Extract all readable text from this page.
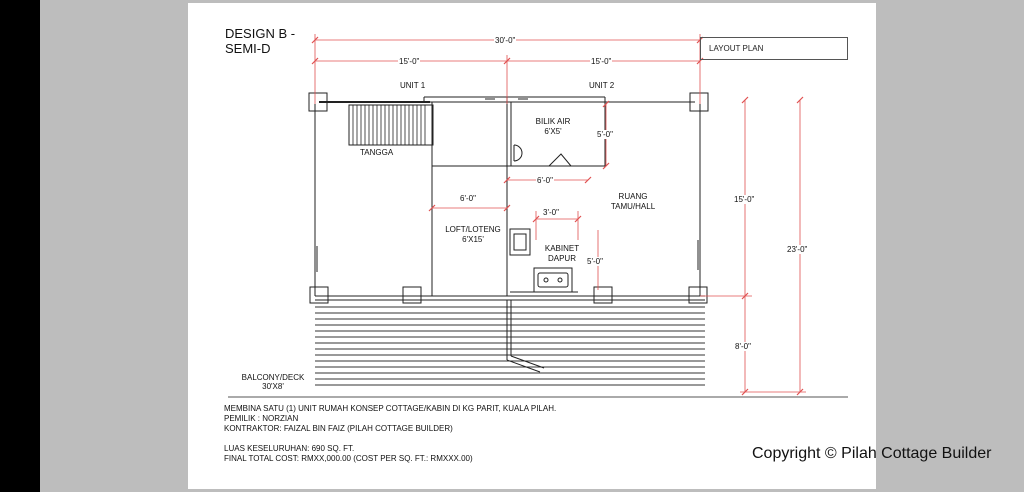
DESIGN B -
SEMI-D	LAYOUT PLAN
UNIT 1	UNIT 2
TANGGA
BILIK AIR
6'X5'
RUANG
TAMU/HALL
LOFT/LOTENG
6'X15'
KABINET
DAPUR
BALCONY/DECK
30'X8'
30'-0"
15'-0"	15'-0"
5'-0"
6'-0"
6'-0"
3'-0"
5'-0"
15'-0"
8'-0"
23'-0"
MEMBINA SATU (1) UNIT RUMAH KONSEP COTTAGE/KABIN DI KG PARIT, KUALA PILAH.
PEMILIK : NORZIAN
KONTRAKTOR: FAIZAL BIN FAIZ (PILAH COTTAGE BUILDER)
LUAS KESELURUHAN: 690 SQ. FT.
FINAL TOTAL COST: RMXX,000.00 (COST PER SQ. FT.: RMXXX.00)	Copyright © Pilah Cottage Builder
